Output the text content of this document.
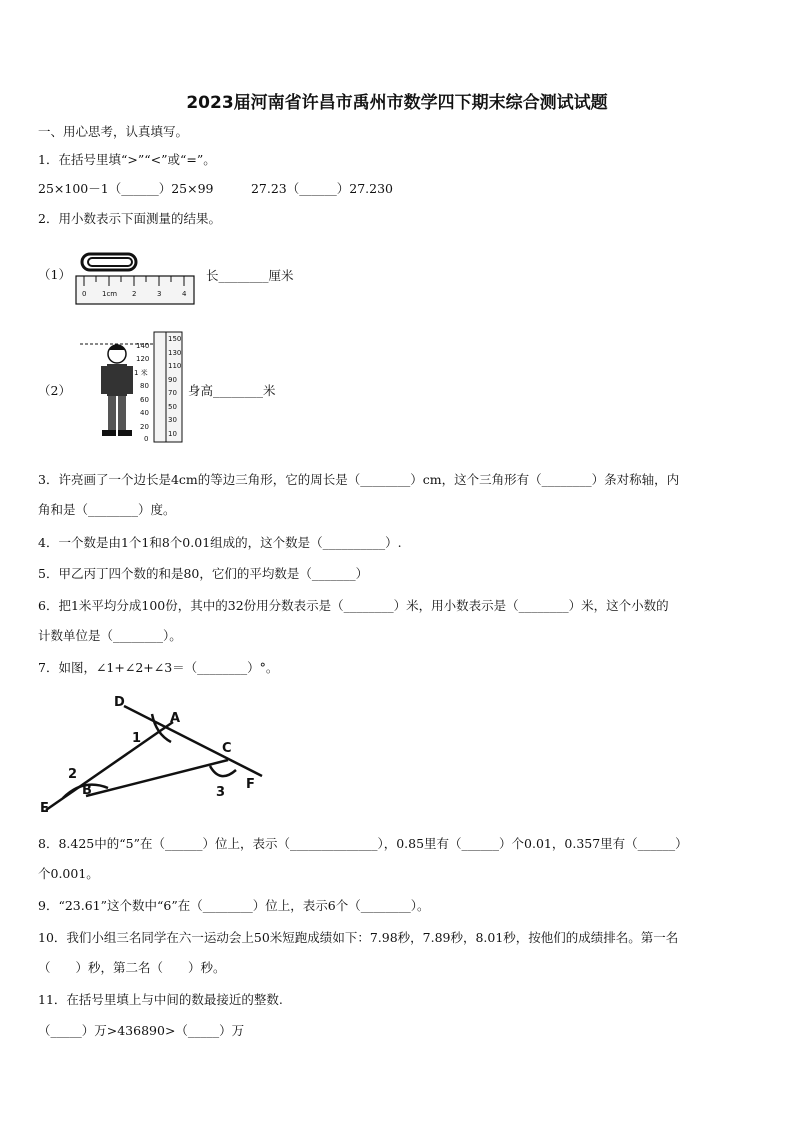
2023届河南省许昌市禹州市数学四下期末综合测试试题
一、用心思考，认真填写。
1．在括号里填“>”“<”或“=”。
25×100－1（______）25×99　　　27.23（______）27.230
2．用小数表示下面测量的结果。
（1）
0 1cm 2	3	4
长________厘米
（2）
140
120
1 米
80
60
40
20
0
150
130
110
90
70
50
30
10
身高________米
3．许亮画了一个边长是4cm的等边三角形，它的周长是（________）cm，这个三角形有（________）条对称轴，内
角和是（________）度。
4．一个数是由1个1和8个0.01组成的，这个数是（__________）.
5．甲乙丙丁四个数的和是80，它们的平均数是（_______）
6．把1米平均分成100份，其中的32份用分数表示是（________）米，用小数表示是（________）米，这个小数的
计数单位是（________）。
7．如图，∠1+∠2+∠3＝（________）°。
D
A
C
B
E
F
1
2
3
8．8.425中的“5”在（______）位上，表示（______________），0.85里有（______）个0.01，0.357里有（______）
个0.001。
9．“23.61”这个数中“6”在（________）位上，表示6个（________）。
10．我们小组三名同学在六一运动会上50米短跑成绩如下：7.98秒，7.89秒，8.01秒，按他们的成绩排名。第一名
（　　）秒，第二名（　　）秒。
11．在括号里填上与中间的数最接近的整数.
（_____）万>436890>（_____）万
